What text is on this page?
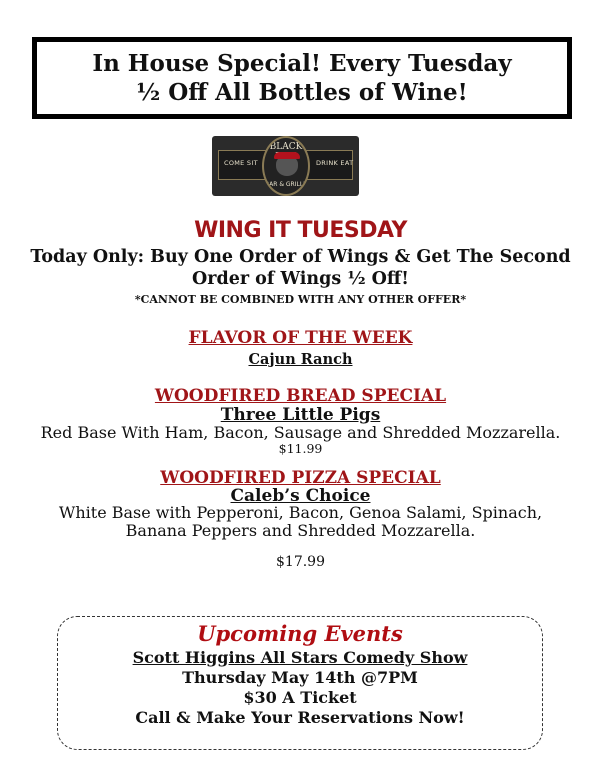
In House Special! Every Tuesday
½ Off All Bottles of Wine!
COME SIT	DRINK EAT
BLACK
BAR & GRILLE
WING IT TUESDAY
Today Only: Buy One Order of Wings & Get The Second
Order of Wings ½ Off!
*CANNOT BE COMBINED WITH ANY OTHER OFFER*
FLAVOR OF THE WEEK
Cajun Ranch
WOODFIRED BREAD SPECIAL
Three Little Pigs
Red Base With Ham, Bacon, Sausage and Shredded Mozzarella.
$11.99
WOODFIRED PIZZA SPECIAL
Caleb’s Choice
White Base with Pepperoni, Bacon, Genoa Salami, Spinach,
Banana Peppers and Shredded Mozzarella.
$17.99
Upcoming Events
Scott Higgins All Stars Comedy Show
Thursday May 14th @7PM
$30 A Ticket
Call & Make Your Reservations Now!
